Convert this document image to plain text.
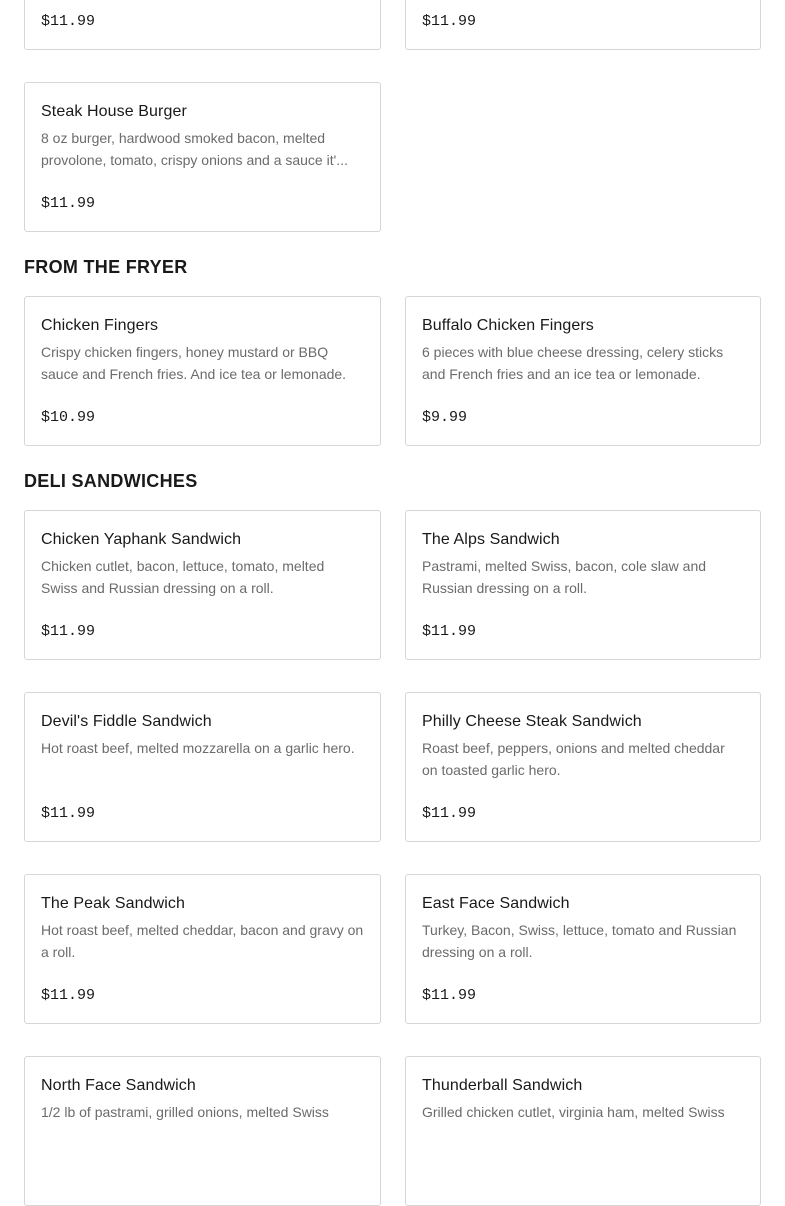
$11.99	$11.99
Steak House Burger
8 oz burger, hardwood smoked bacon, melted provolone, tomato, crispy onions and a sauce it'...
$11.99
FROM THE FRYER
Chicken Fingers
Crispy chicken fingers, honey mustard or BBQ sauce and French fries. And ice tea or lemonade.
$10.99
Buffalo Chicken Fingers
6 pieces with blue cheese dressing, celery sticks and French fries and an ice tea or lemonade.
$9.99
DELI SANDWICHES
Chicken Yaphank Sandwich
Chicken cutlet, bacon, lettuce, tomato, melted Swiss and Russian dressing on a roll.
$11.99
The Alps Sandwich
Pastrami, melted Swiss, bacon, cole slaw and Russian dressing on a roll.
$11.99
Devil's Fiddle Sandwich
Hot roast beef, melted mozzarella on a garlic hero.
$11.99
Philly Cheese Steak Sandwich
Roast beef, peppers, onions and melted cheddar on toasted garlic hero.
$11.99
The Peak Sandwich
Hot roast beef, melted cheddar, bacon and gravy on a roll.
$11.99
East Face Sandwich
Turkey, Bacon, Swiss, lettuce, tomato and Russian dressing on a roll.
$11.99
North Face Sandwich
1/2 lb of pastrami, grilled onions, melted Swiss
Thunderball Sandwich
Grilled chicken cutlet, virginia ham, melted Swiss
